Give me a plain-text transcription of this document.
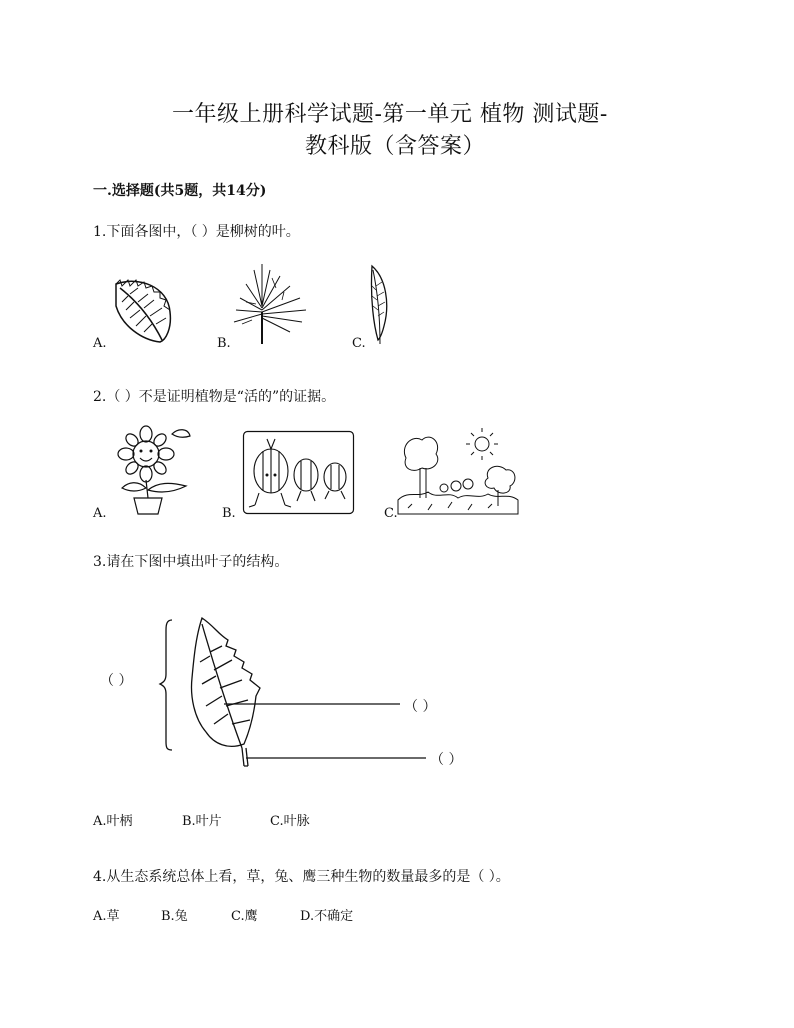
一年级上册科学试题-第一单元 植物 测试题-
教科版（含答案）
一.选择题(共5题，共14分)
1.下面各图中，（ ）是柳树的叶。
A.	B.	C.
2.（ ）不是证明植物是“活的”的证据。
A.	B.	C.
3.请在下图中填出叶子的结构。
（ ）
（ ）
（ ）
A.叶柄	B.叶片	C.叶脉
4.从生态系统总体上看，草，兔、鹰三种生物的数量最多的是（ ）。
A.草	B.兔	C.鹰	D.不确定
